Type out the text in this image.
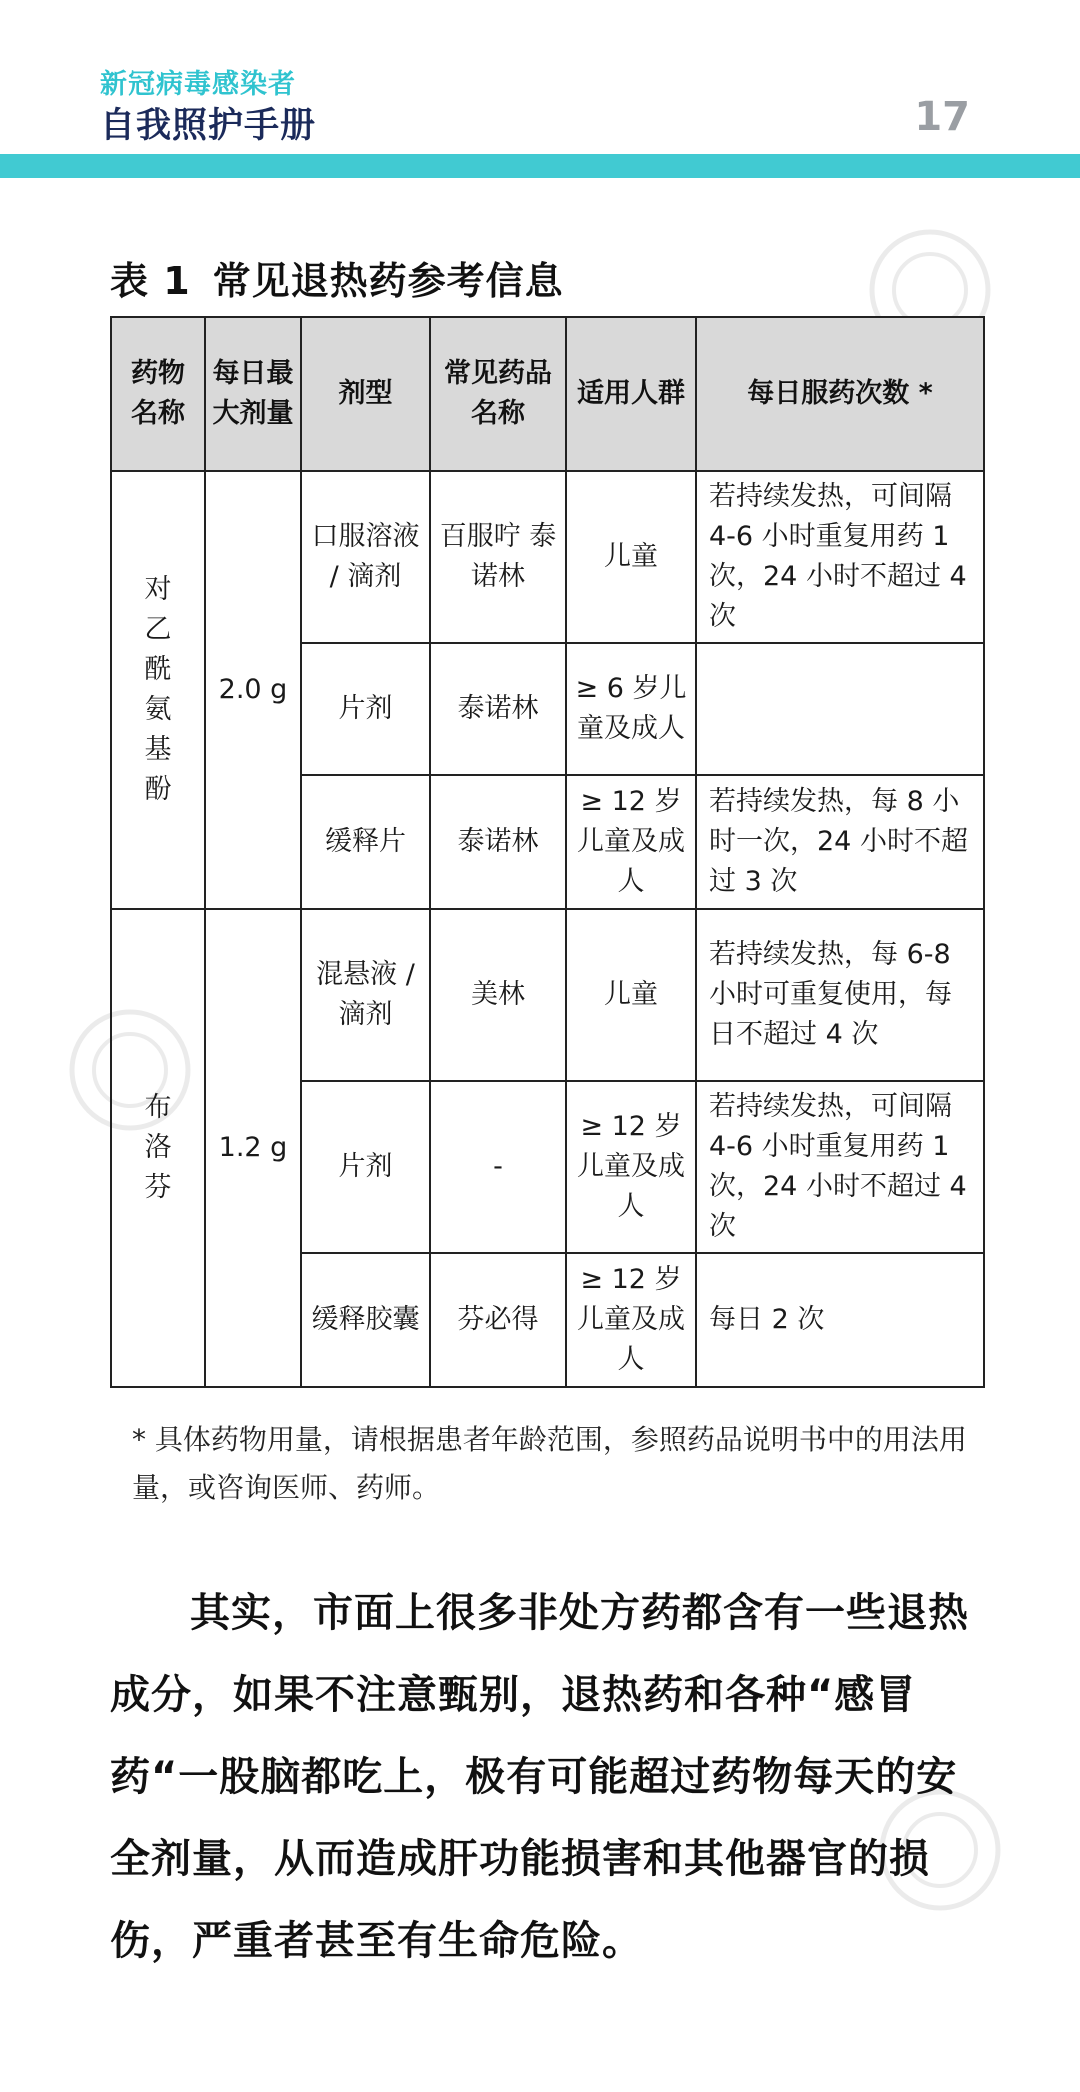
新冠病毒感染者
自我照护手册	17
表 1 常见退热药参考信息
药物名称	每日最大剂量	剂型	常见药品名称	适用人群	每日服药次数 *
对乙酰氨基酚	2.0 g	口服溶液 / 滴剂	百服咛 泰诺林	儿童	若持续发热，可间隔 4-6 小时重复用药 1 次，24 小时不超过 4 次
		片剂	泰诺林	≥ 6 岁儿童及成人	
		缓释片	泰诺林	≥ 12 岁儿童及成人	若持续发热，每 8 小时一次，24 小时不超过 3 次
布洛芬	1.2 g	混悬液 / 滴剂	美林	儿童	若持续发热，每 6-8 小时可重复使用，每日不超过 4 次
		片剂	-	≥ 12 岁儿童及成人	若持续发热，可间隔 4-6 小时重复用药 1 次，24 小时不超过 4 次
		缓释胶囊	芬必得	≥ 12 岁儿童及成人	每日 2 次
* 具体药物用量，请根据患者年龄范围，参照药品说明书中的用法用量，或咨询医师、药师。
其实，市面上很多非处方药都含有一些退热成分，如果不注意甄别，退热药和各种“感冒药“一股脑都吃上，极有可能超过药物每天的安全剂量，从而造成肝功能损害和其他器官的损伤，严重者甚至有生命危险。
